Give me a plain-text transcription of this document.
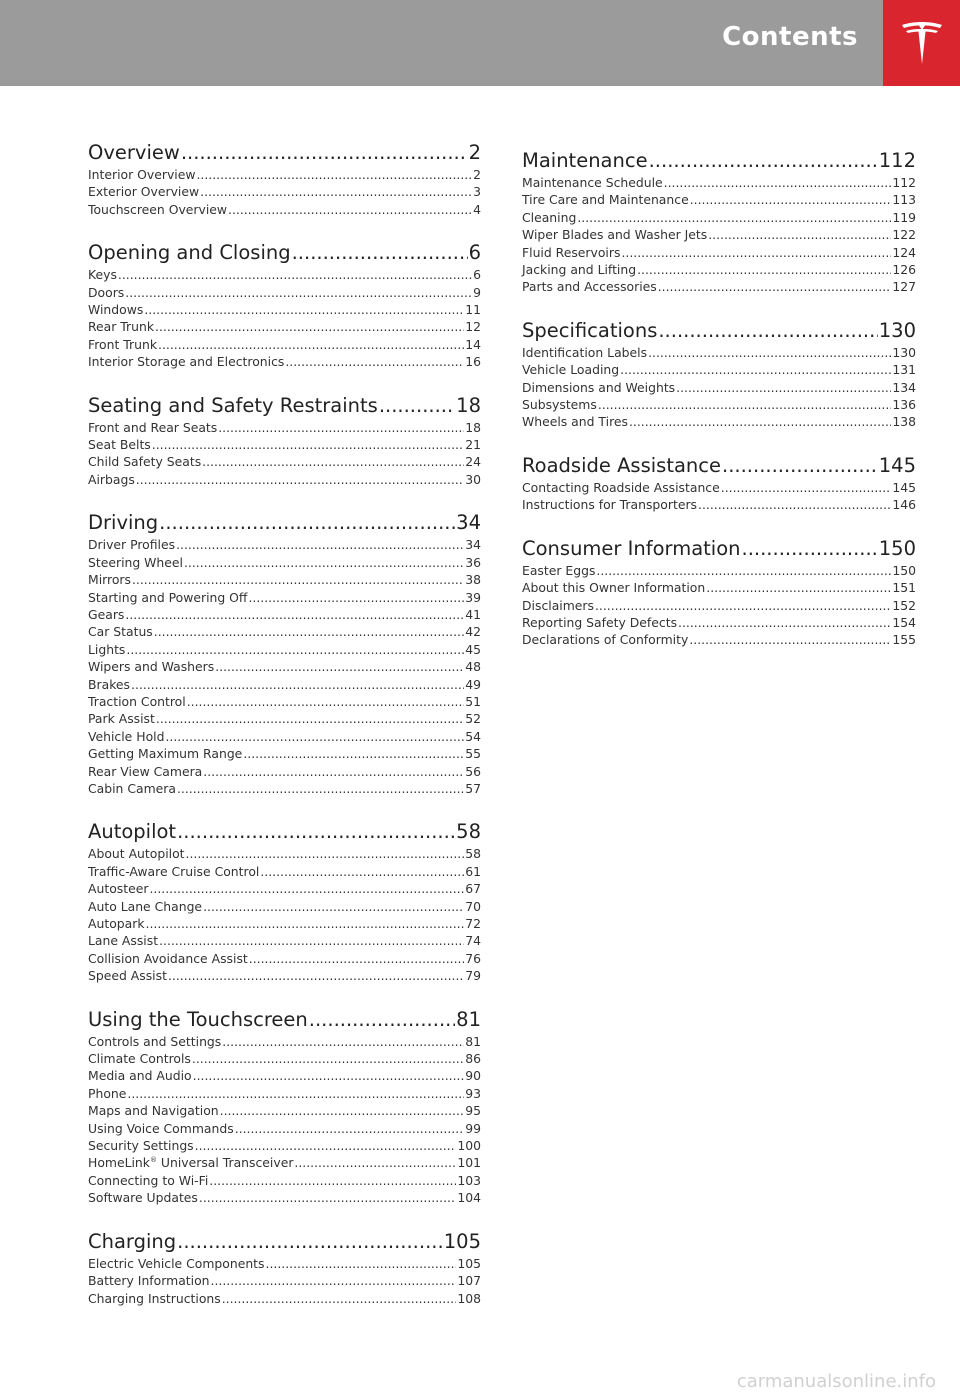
Contents
Overview .....	2
Interior Overview .....	2
Exterior Overview .....	3
Touchscreen Overview .....	4
Opening and Closing .....	6
Keys .....	6
Doors .....	9
Windows .....	11
Rear Trunk .....	12
Front Trunk .....	14
Interior Storage and Electronics .....	16
Seating and Safety Restraints .....	18
Front and Rear Seats .....	18
Seat Belts .....	21
Child Safety Seats .....	24
Airbags .....	30
Driving .....	34
Driver Profiles .....	34
Steering Wheel .....	36
Mirrors .....	38
Starting and Powering Off .....	39
Gears .....	41
Car Status .....	42
Lights .....	45
Wipers and Washers .....	48
Brakes .....	49
Traction Control .....	51
Park Assist .....	52
Vehicle Hold .....	54
Getting Maximum Range .....	55
Rear View Camera .....	56
Cabin Camera .....	57
Autopilot .....	58
About Autopilot .....	58
Traffic-Aware Cruise Control .....	61
Autosteer .....	67
Auto Lane Change .....	70
Autopark .....	72
Lane Assist .....	74
Collision Avoidance Assist .....	76
Speed Assist .....	79
Using the Touchscreen .....	81
Controls and Settings .....	81
Climate Controls .....	86
Media and Audio .....	90
Phone .....	93
Maps and Navigation .....	95
Using Voice Commands .....	99
Security Settings .....	100
HomeLink® Universal Transceiver .....	101
Connecting to Wi-Fi .....	103
Software Updates .....	104
Charging .....	105
Electric Vehicle Components .....	105
Battery Information .....	107
Charging Instructions .....	108
Maintenance .....	112
Maintenance Schedule .....	112
Tire Care and Maintenance .....	113
Cleaning .....	119
Wiper Blades and Washer Jets .....	122
Fluid Reservoirs .....	124
Jacking and Lifting .....	126
Parts and Accessories .....	127
Specifications .....	130
Identification Labels .....	130
Vehicle Loading .....	131
Dimensions and Weights .....	134
Subsystems .....	136
Wheels and Tires .....	138
Roadside Assistance .....	145
Contacting Roadside Assistance .....	145
Instructions for Transporters .....	146
Consumer Information .....	150
Easter Eggs .....	150
About this Owner Information .....	151
Disclaimers .....	152
Reporting Safety Defects .....	154
Declarations of Conformity .....	155
carmanualsonline.info
